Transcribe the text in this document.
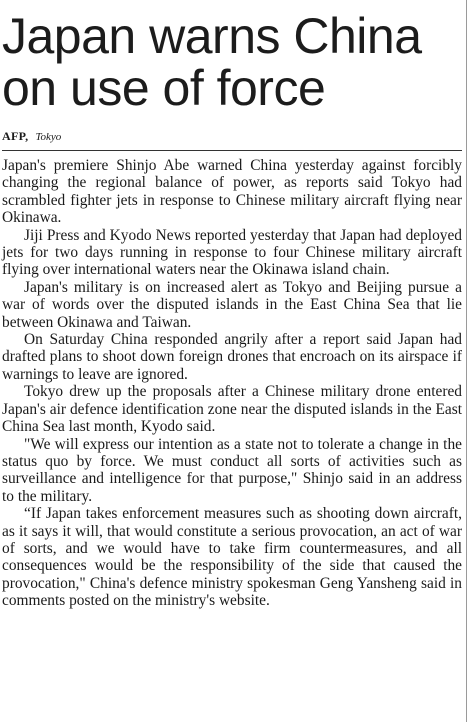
Japan warns China
on use of force
AFP, Tokyo

Japan's premiere Shinjo Abe warned China yesterday against forcibly changing the regional balance of power, as reports said Tokyo had scrambled fighter jets in response to Chinese military aircraft flying near Okinawa.

Jiji Press and Kyodo News reported yesterday that Japan had deployed jets for two days running in response to four Chinese military aircraft flying over international waters near the Okinawa island chain.

Japan's military is on increased alert as Tokyo and Beijing pursue a war of words over the disputed islands in the East China Sea that lie between Okinawa and Taiwan.

On Saturday China responded angrily after a report said Japan had drafted plans to shoot down foreign drones that encroach on its airspace if warnings to leave are ignored.

Tokyo drew up the proposals after a Chinese military drone entered Japan's air defence identification zone near the disputed islands in the East China Sea last month, Kyodo said.

"We will express our intention as a state not to tolerate a change in the status quo by force. We must conduct all sorts of activities such as surveillance and intelligence for that purpose," Shinjo said in an address to the military.

“If Japan takes enforcement measures such as shooting down aircraft, as it says it will, that would constitute a serious provocation, an act of war of sorts, and we would have to take firm countermeasures, and all consequences would be the responsibility of the side that caused the provocation," China's defence ministry spokesman Geng Yansheng said in comments posted on the ministry's website.
